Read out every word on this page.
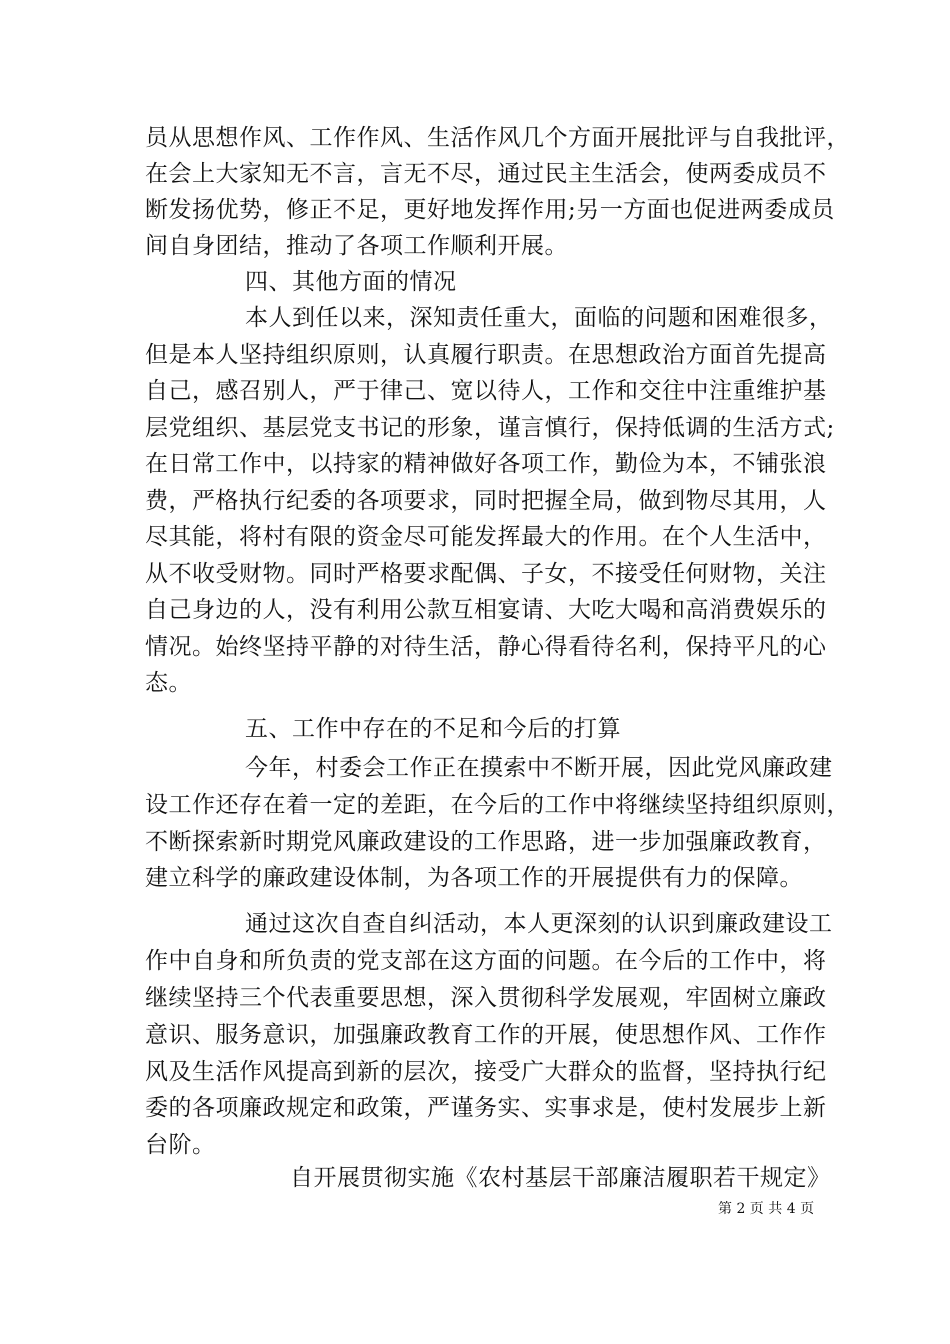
员从思想作风、工作作风、生活作风几个方面开展批评与自我批评，
在会上大家知无不言，言无不尽，通过民主生活会，使两委成员不
断发扬优势，修正不足，更好地发挥作用;另一方面也促进两委成员
间自身团结，推动了各项工作顺利开展。
四、其他方面的情况
本人到任以来，深知责任重大，面临的问题和困难很多，
但是本人坚持组织原则，认真履行职责。在思想政治方面首先提高
自己，感召别人，严于律己、宽以待人，工作和交往中注重维护基
层党组织、基层党支书记的形象，谨言慎行，保持低调的生活方式;
在日常工作中，以持家的精神做好各项工作，勤俭为本，不铺张浪
费，严格执行纪委的各项要求，同时把握全局，做到物尽其用，人
尽其能，将村有限的资金尽可能发挥最大的作用。在个人生活中，
从不收受财物。同时严格要求配偶、子女，不接受任何财物，关注
自己身边的人，没有利用公款互相宴请、大吃大喝和高消费娱乐的
情况。始终坚持平静的对待生活，静心得看待名利，保持平凡的心
态。
五、工作中存在的不足和今后的打算
今年，村委会工作正在摸索中不断开展，因此党风廉政建
设工作还存在着一定的差距，在今后的工作中将继续坚持组织原则，
不断探索新时期党风廉政建设的工作思路，进一步加强廉政教育，
建立科学的廉政建设体制，为各项工作的开展提供有力的保障。
通过这次自查自纠活动，本人更深刻的认识到廉政建设工
作中自身和所负责的党支部在这方面的问题。在今后的工作中，将
继续坚持三个代表重要思想，深入贯彻科学发展观，牢固树立廉政
意识、服务意识，加强廉政教育工作的开展，使思想作风、工作作
风及生活作风提高到新的层次，接受广大群众的监督，坚持执行纪
委的各项廉政规定和政策，严谨务实、实事求是，使村发展步上新
台阶。
自开展贯彻实施《农村基层干部廉洁履职若干规定》
第 2 页 共 4 页
